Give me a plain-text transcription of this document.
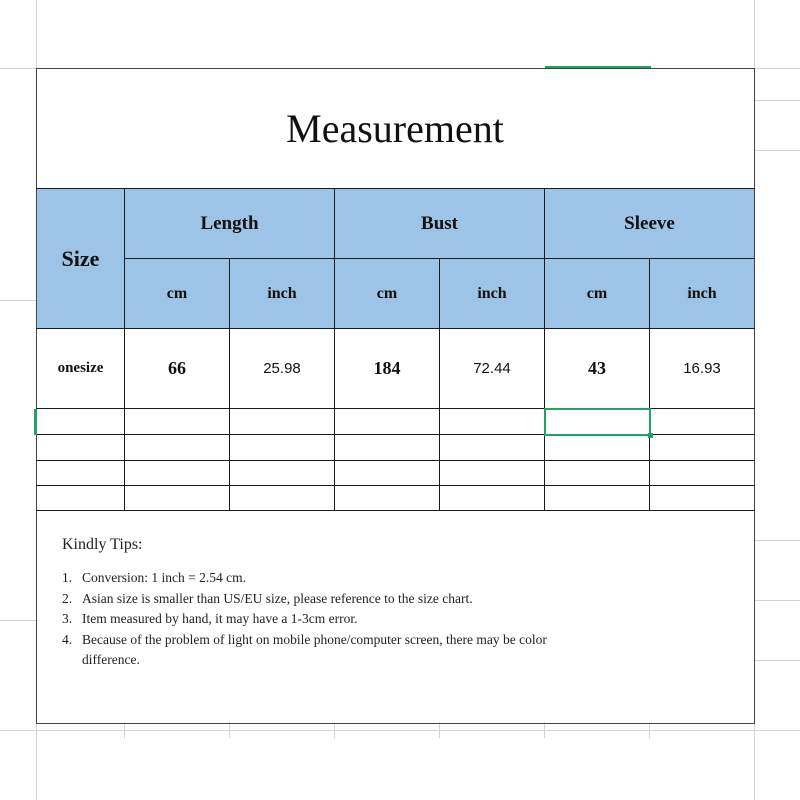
Measurement
Size
Length	Bust	Sleeve
cm	inch	cm	inch	cm	inch
onesize	66	25.98	184	72.44	43	16.93
Kindly Tips:
1. Conversion: 1 inch = 2.54 cm.
2. Asian size is smaller than US/EU size, please reference to the size chart.
3. Item measured by hand, it may have a 1-3cm error.
4. Because of the problem of light on mobile phone/computer screen, there may be color difference.
